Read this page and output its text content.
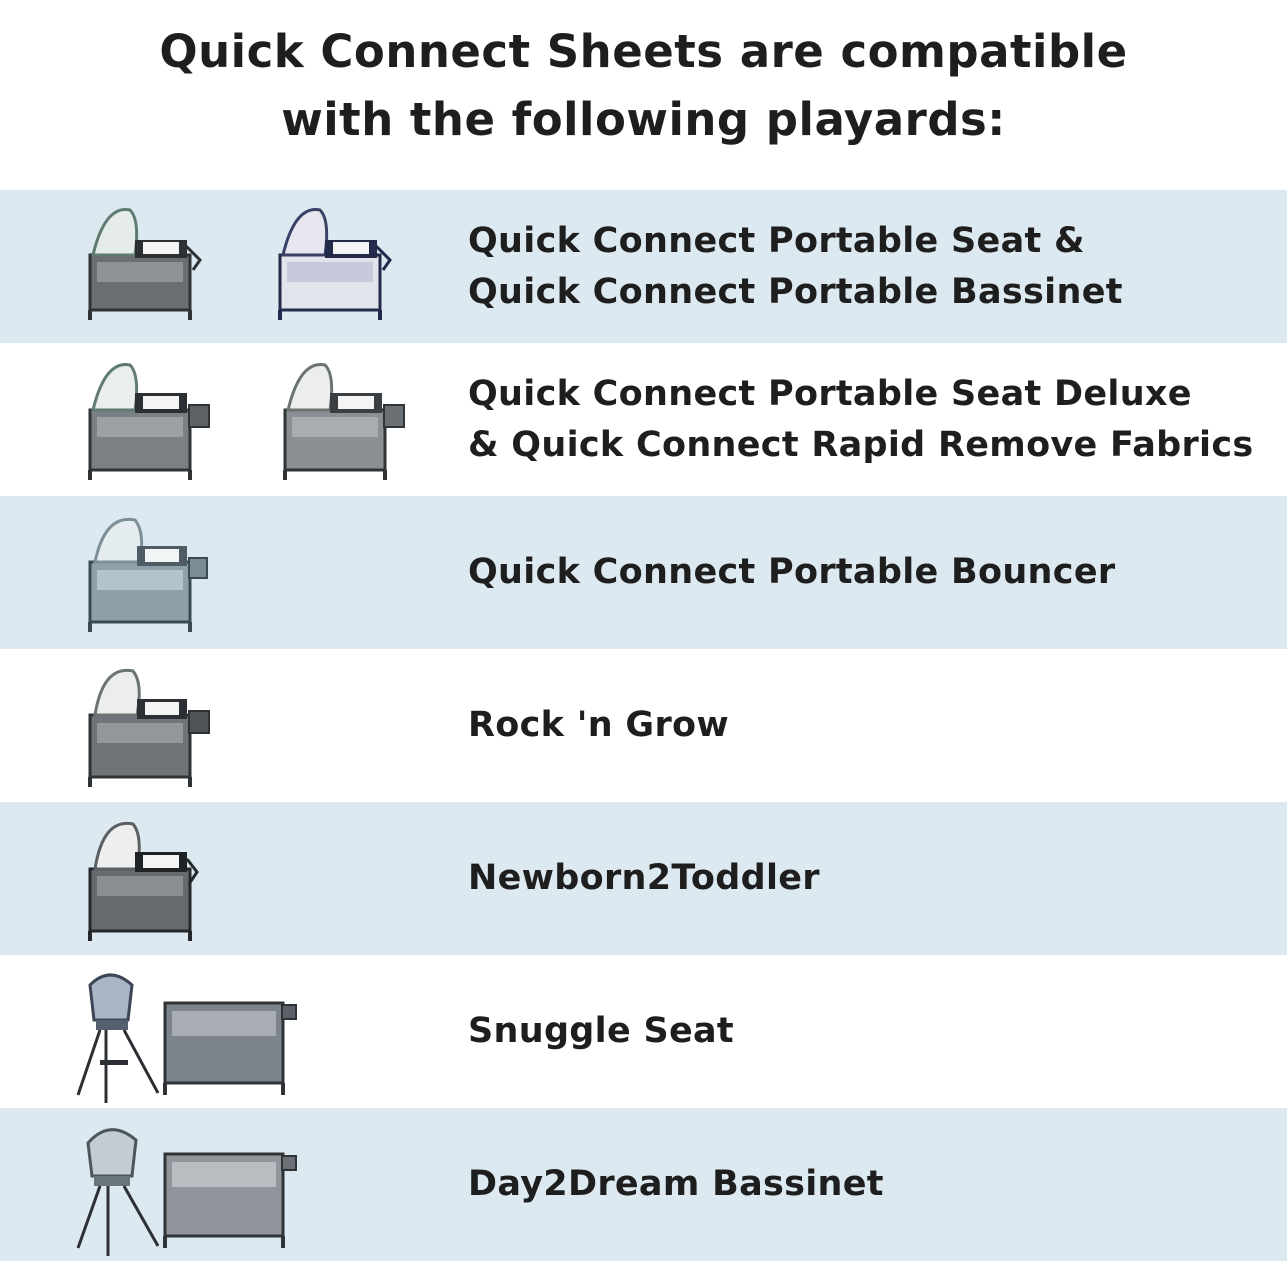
Quick Connect Sheets are compatible
with the following playards:
Quick Connect Portable Seat &
Quick Connect Portable Bassinet
Quick Connect Portable Seat Deluxe
& Quick Connect Rapid Remove Fabrics
Quick Connect Portable Bouncer
Rock 'n Grow
Newborn2Toddler
Snuggle Seat
Day2Dream Bassinet
